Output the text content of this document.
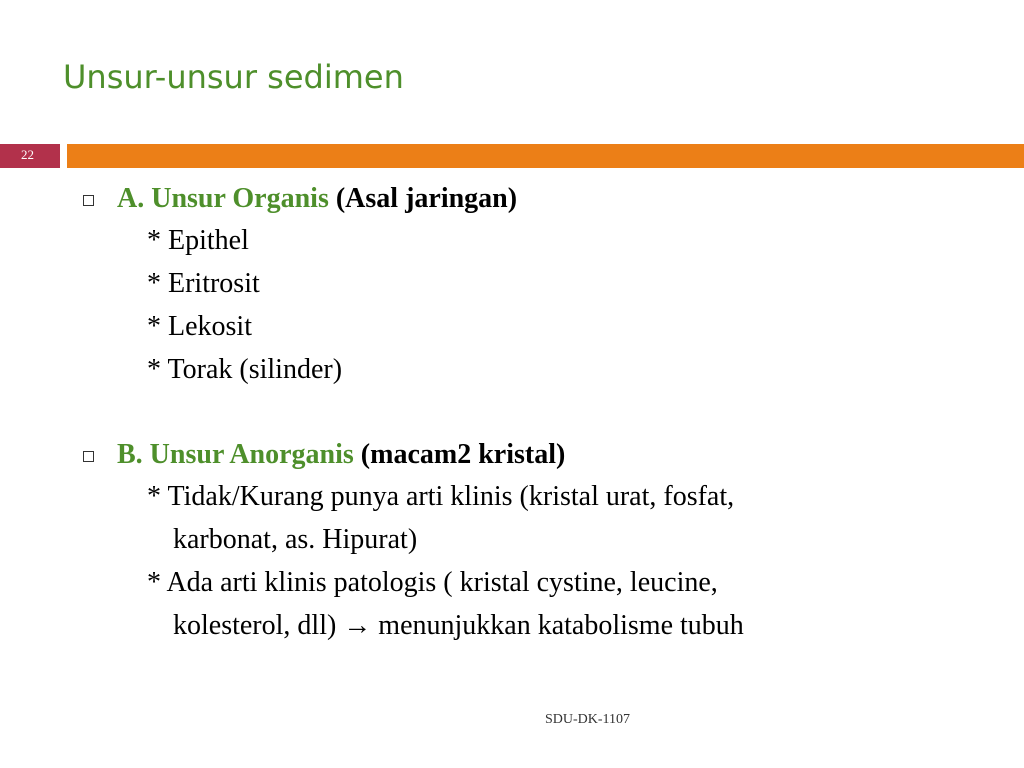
Unsur-unsur sedimen
22
A. Unsur Organis (Asal jaringan)
* Epithel
* Eritrosit
* Lekosit
* Torak (silinder)
B. Unsur Anorganis (macam2 kristal)
* Tidak/Kurang punya arti klinis (kristal urat, fosfat,
karbonat, as. Hipurat)
* Ada arti klinis patologis ( kristal cystine, leucine,
kolesterol, dll) → menunjukkan katabolisme tubuh
SDU-DK-1107
